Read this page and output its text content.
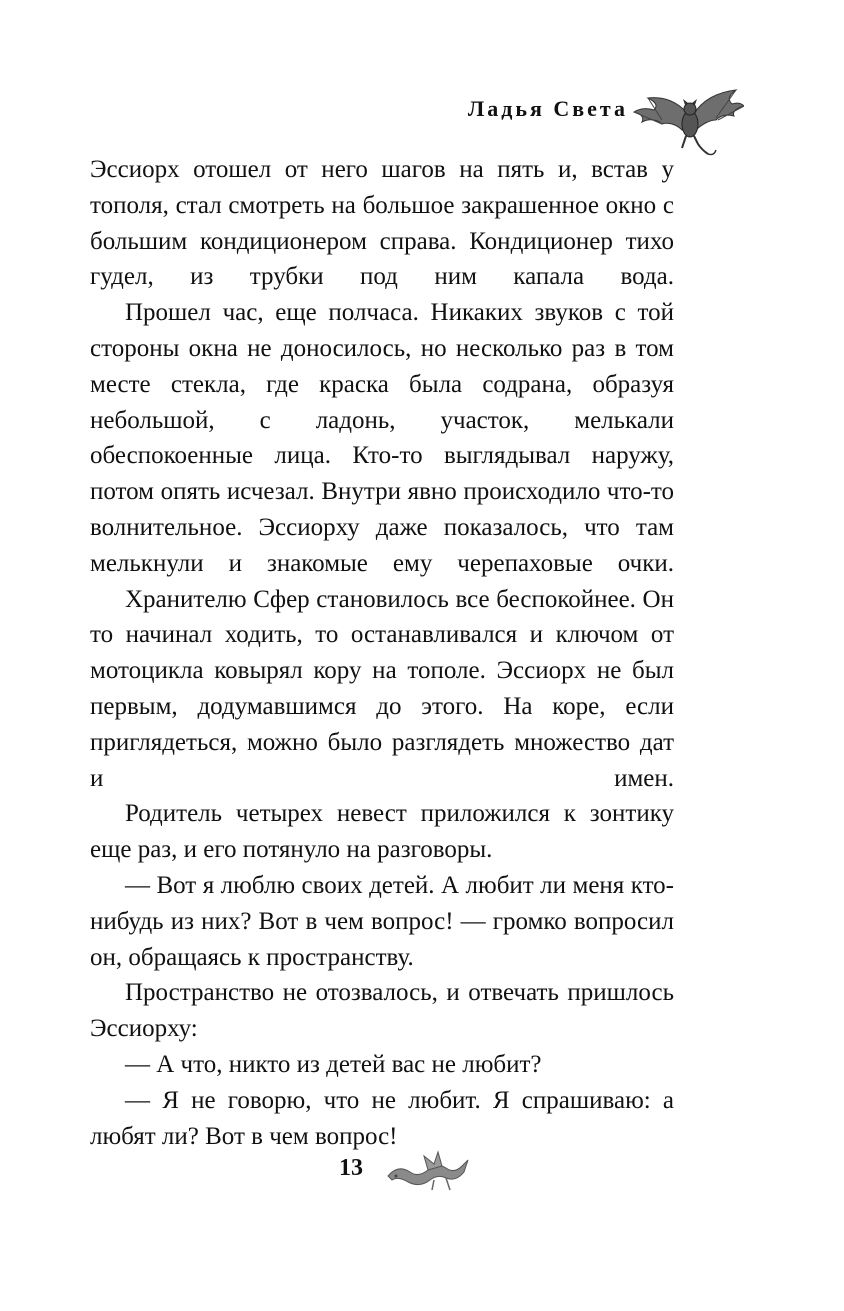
Ладья Света

Эссиорх отошел от него шагов на пять и, встав у тополя, стал смотреть на большое закрашенное окно с большим кондиционером справа. Кондиционер тихо гудел, из трубки под ним капала вода.

Прошел час, еще полчаса. Никаких звуков с той стороны окна не доносилось, но несколько раз в том месте стекла, где краска была содрана, образуя небольшой, с ладонь, участок, мелькали обеспокоенные лица. Кто-то выглядывал наружу, потом опять исчезал. Внутри явно происходило что-то волнительное. Эссиорху даже показалось, что там мелькнули и знакомые ему черепаховые очки.

Хранителю Сфер становилось все беспокойнее. Он то начинал ходить, то останавливался и ключом от мотоцикла ковырял кору на тополе. Эссиорх не был первым, додумавшимся до этого. На коре, если приглядеться, можно было разглядеть множество дат и имен.

Родитель четырех невест приложился к зонтику еще раз, и его потянуло на разговоры.

— Вот я люблю своих детей. А любит ли меня кто-нибудь из них? Вот в чем вопрос! — громко вопросил он, обращаясь к пространству.

Пространство не отозвалось, и отвечать пришлось Эссиорху:

— А что, никто из детей вас не любит?

— Я не говорю, что не любит. Я спрашиваю: а любят ли? Вот в чем вопрос!

13
